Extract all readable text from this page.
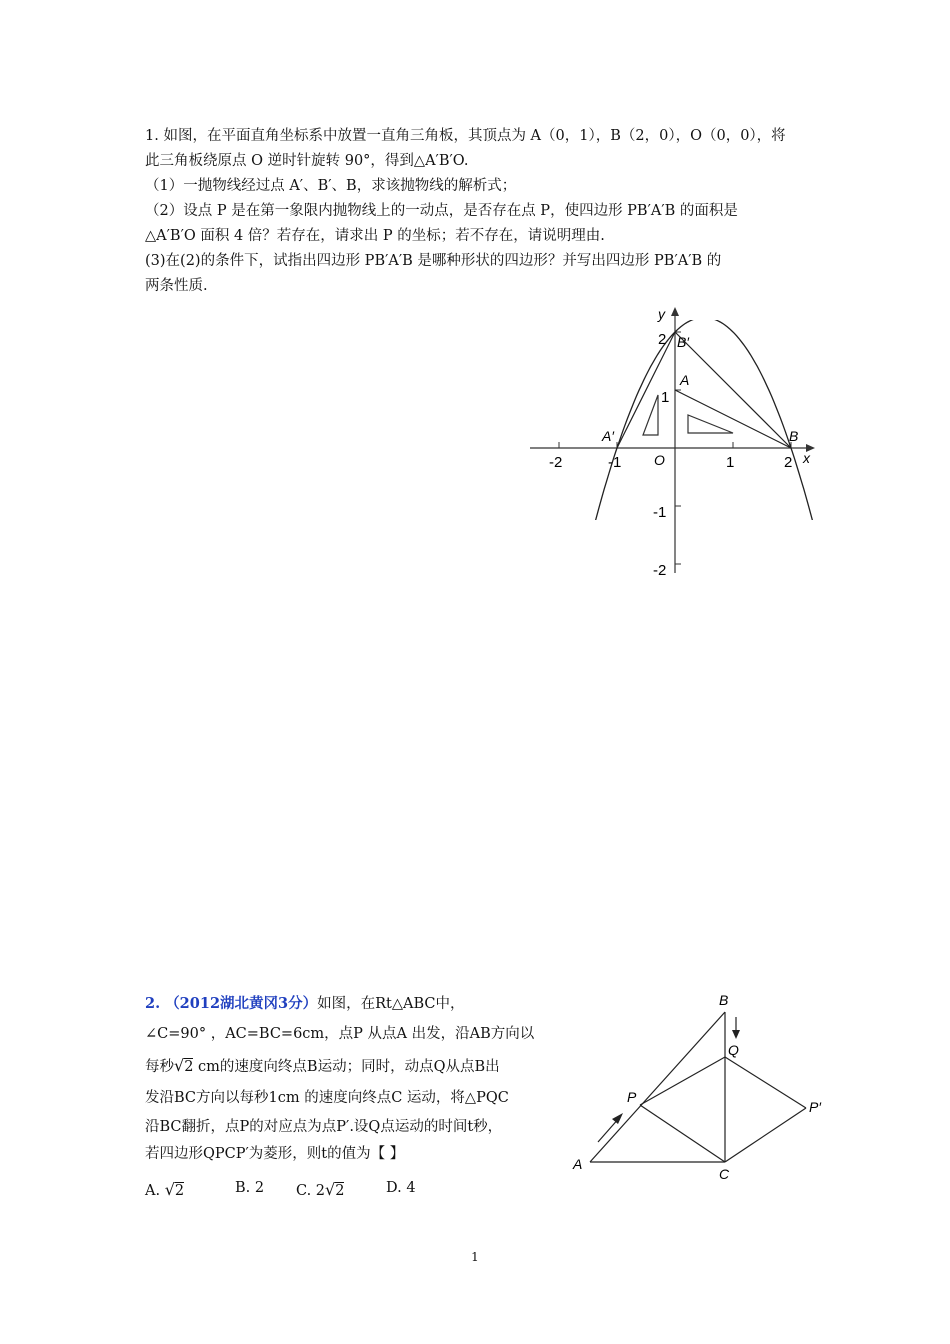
1. 如图，在平面直角坐标系中放置一直角三角板，其顶点为 A（0，1），B（2，0），O（0，0），将
此三角板绕原点 O 逆时针旋转 90°，得到△A′B′O.
（1）一抛物线经过点 A′、B′、B，求该抛物线的解析式；
（2）设点 P 是在第一象限内抛物线上的一动点，是否存在点 P，使四边形 PB′A′B 的面积是
△A′B′O 面积 4 倍？若存在，请求出 P 的坐标；若不存在，请说明理由.
(3)在(2)的条件下，试指出四边形 PB′A′B 是哪种形状的四边形？并写出四边形 PB′A′B 的
两条性质.
-2	-1	1	2
2
1
-1
-2
O	x
y
A′
B′
A
B
2. （2012湖北黄冈3分）如图，在Rt△ABC中，
∠C=90° ，AC=BC=6cm，点P 从点A 出发，沿AB方向以
每秒√2 cm的速度向终点B运动；同时，动点Q从点B出
发沿BC方向以每秒1cm 的速度向终点C 运动，将△PQC
沿BC翻折，点P的对应点为点P′.设Q点运动的时间t秒，
若四边形QPCP′为菱形，则t的值为【 】
A. √2	B. 2 C. 2√2	D. 4
B
Q
P
P′
A
C
1
